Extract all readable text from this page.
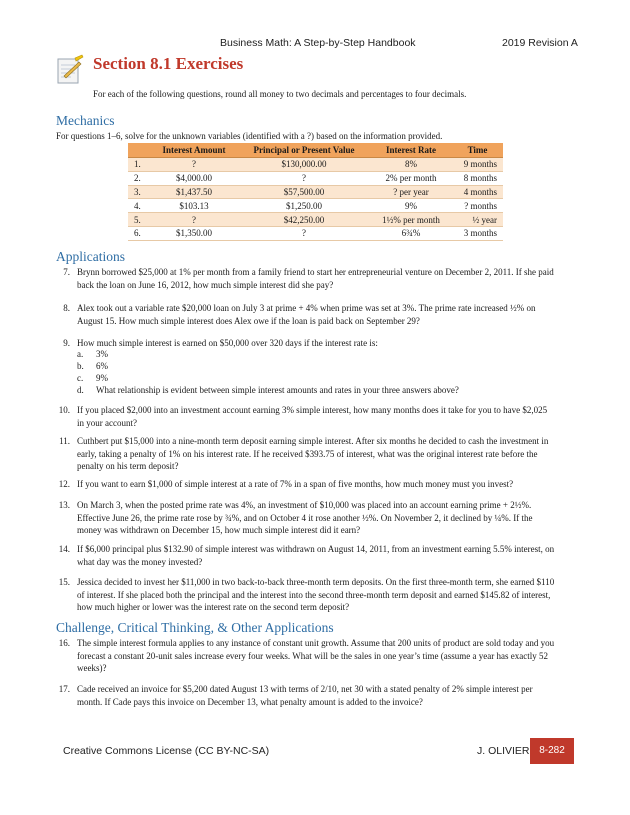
Business Math: A Step-by-Step Handbook	2019 Revision A
Section 8.1 Exercises
For each of the following questions, round all money to two decimals and percentages to four decimals.
Mechanics
For questions 1–6, solve for the unknown variables (identified with a ?) based on the information provided.
	Interest Amount	Principal or Present Value	Interest Rate	Time
1.	?	$130,000.00	8%	9 months
2.	$4,000.00	?	2% per month	8 months
3.	$1,437.50	$57,500.00	? per year	4 months
4.	$103.13	$1,250.00	9%	? months
5.	?	$42,250.00	1½% per month	½ year
6.	$1,350.00	?	6¾%	3 months
Applications
7. Brynn borrowed $25,000 at 1% per month from a family friend to start her entrepreneurial venture on December 2, 2011. If she paid back the loan on June 16, 2012, how much simple interest did she pay?
8. Alex took out a variable rate $20,000 loan on July 3 at prime + 4% when prime was set at 3%. The prime rate increased ½% on August 15. How much simple interest does Alex owe if the loan is paid back on September 29?
9. How much simple interest is earned on $50,000 over 320 days if the interest rate is:
a. 3%
b. 6%
c. 9%
d. What relationship is evident between simple interest amounts and rates in your three answers above?
10. If you placed $2,000 into an investment account earning 3% simple interest, how many months does it take for you to have $2,025 in your account?
11. Cuthbert put $15,000 into a nine-month term deposit earning simple interest. After six months he decided to cash the investment in early, taking a penalty of 1% on his interest rate. If he received $393.75 of interest, what was the original interest rate before the penalty on his term deposit?
12. If you want to earn $1,000 of simple interest at a rate of 7% in a span of five months, how much money must you invest?
13. On March 3, when the posted prime rate was 4%, an investment of $10,000 was placed into an account earning prime + 2½%. Effective June 26, the prime rate rose by ¾%, and on October 4 it rose another ½%. On November 2, it declined by ¼%. If the money was withdrawn on December 15, how much simple interest did it earn?
14. If $6,000 principal plus $132.90 of simple interest was withdrawn on August 14, 2011, from an investment earning 5.5% interest, on what day was the money invested?
15. Jessica decided to invest her $11,000 in two back-to-back three-month term deposits. On the first three-month term, she earned $110 of interest. If she placed both the principal and the interest into the second three-month term deposit and earned $145.82 of interest, how much higher or lower was the interest rate on the second term deposit?
Challenge, Critical Thinking, & Other Applications
16. The simple interest formula applies to any instance of constant unit growth. Assume that 200 units of product are sold today and you forecast a constant 20-unit sales increase every four weeks. What will be the sales in one year’s time (assume a year has exactly 52 weeks)?
17. Cade received an invoice for $5,200 dated August 13 with terms of 2/10, net 30 with a stated penalty of 2% simple interest per month. If Cade pays this invoice on December 13, what penalty amount is added to the invoice?
Creative Commons License (CC BY-NC-SA)	J. OLIVIER 8-282
